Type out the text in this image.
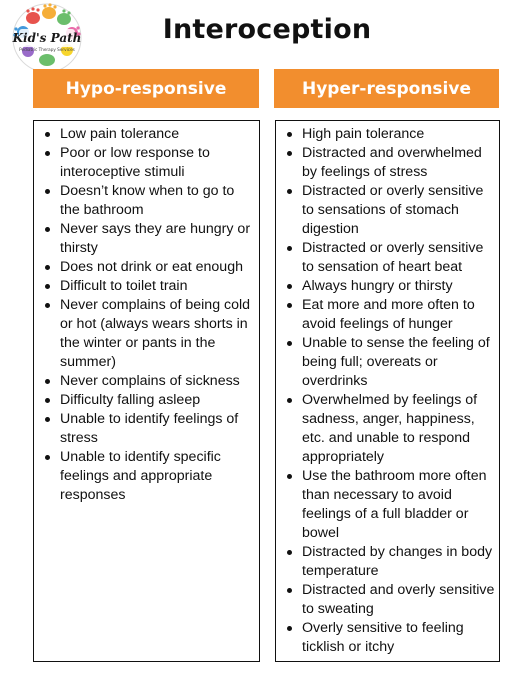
Kid's Path
Pediatric Therapy Services
Interoception
Hypo-responsive	Hyper-responsive
Low pain tolerance
Poor or low response to interoceptive stimuli
Doesn’t know when to go to the bathroom
Never says they are hungry or thirsty
Does not drink or eat enough
Difficult to toilet train
Never complains of being cold or hot (always wears shorts in the winter or pants in the summer)
Never complains of sickness
Difficulty falling asleep
Unable to identify feelings of stress
Unable to identify specific feelings and appropriate responses
High pain tolerance
Distracted and overwhelmed by feelings of stress
Distracted or overly sensitive to sensations of stomach digestion
Distracted or overly sensitive to sensation of heart beat
Always hungry or thirsty
Eat more and more often to avoid feelings of hunger
Unable to sense the feeling of being full; overeats or overdrinks
Overwhelmed by feelings of sadness, anger, happiness, etc. and unable to respond appropriately
Use the bathroom more often than necessary to avoid feelings of a full bladder or bowel
Distracted by changes in body temperature
Distracted and overly sensitive to sweating
Overly sensitive to feeling ticklish or itchy
